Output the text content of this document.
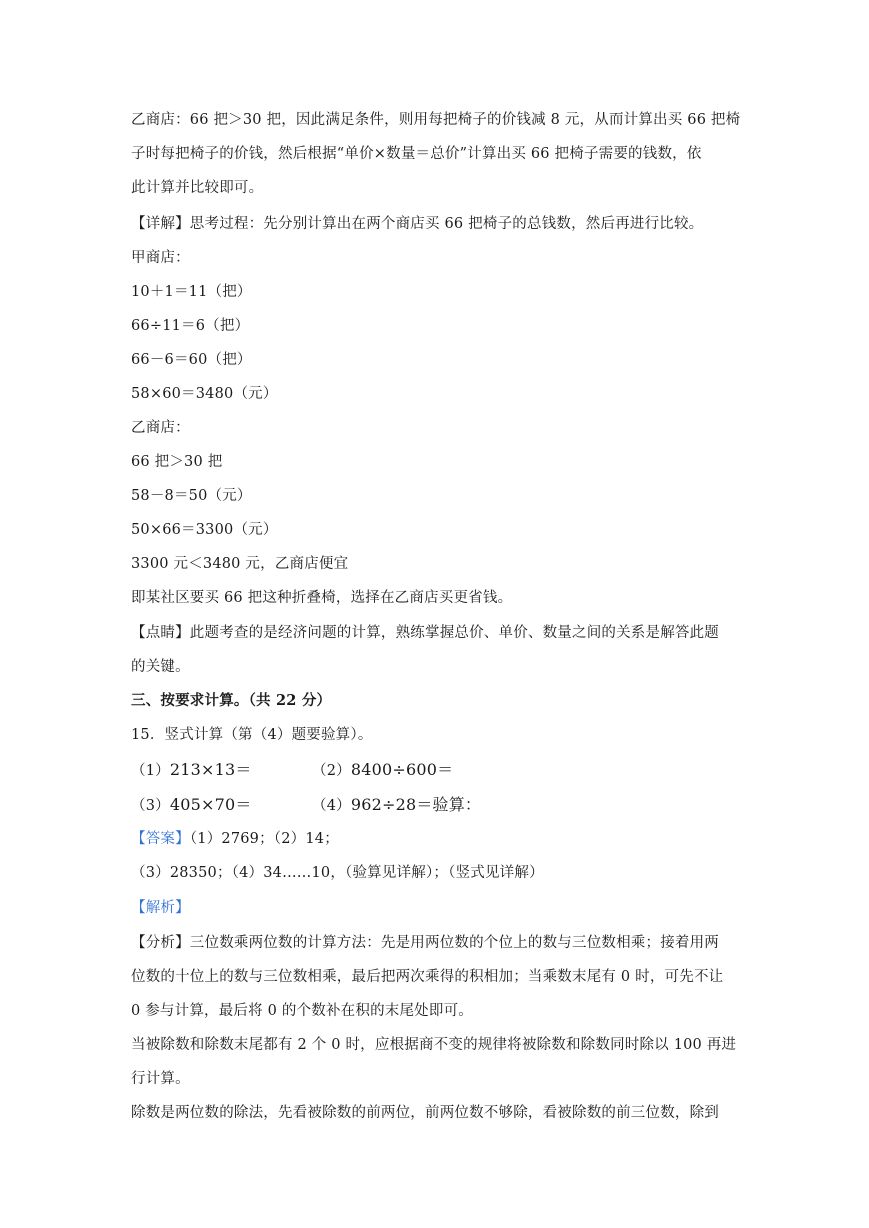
乙商店：66 把＞30 把，因此满足条件，则用每把椅子的价钱减 8 元，从而计算出买 66 把椅
子时每把椅子的价钱，然后根据“单价×数量＝总价”计算出买 66 把椅子需要的钱数，依
此计算并比较即可。
【详解】思考过程：先分别计算出在两个商店买 66 把椅子的总钱数，然后再进行比较。
甲商店：
10＋1＝11（把）
66÷11＝6（把）
66－6＝60（把）
58×60＝3480（元）
乙商店：
66 把＞30 把
58－8＝50（元）
50×66＝3300（元）
3300 元＜3480 元，乙商店便宜
即某社区要买 66 把这种折叠椅，选择在乙商店买更省钱。
【点睛】此题考查的是经济问题的计算，熟练掌握总价、单价、数量之间的关系是解答此题
的关键。
三、按要求计算。（共 22 分）
15．竖式计算（第（4）题要验算）。
（1）213×13＝	（2）8400÷600＝
（3）405×70＝	（4）962÷28＝验算：
【答案】（1）2769；（2）14；
（3）28350；（4）34……10，（验算见详解）；（竖式见详解）
【解析】
【分析】三位数乘两位数的计算方法：先是用两位数的个位上的数与三位数相乘；接着用两
位数的十位上的数与三位数相乘，最后把两次乘得的积相加；当乘数末尾有 0 时，可先不让
0 参与计算，最后将 0 的个数补在积的末尾处即可。
当被除数和除数末尾都有 2 个 0 时，应根据商不变的规律将被除数和除数同时除以 100 再进
行计算。
除数是两位数的除法，先看被除数的前两位，前两位数不够除，看被除数的前三位数，除到
